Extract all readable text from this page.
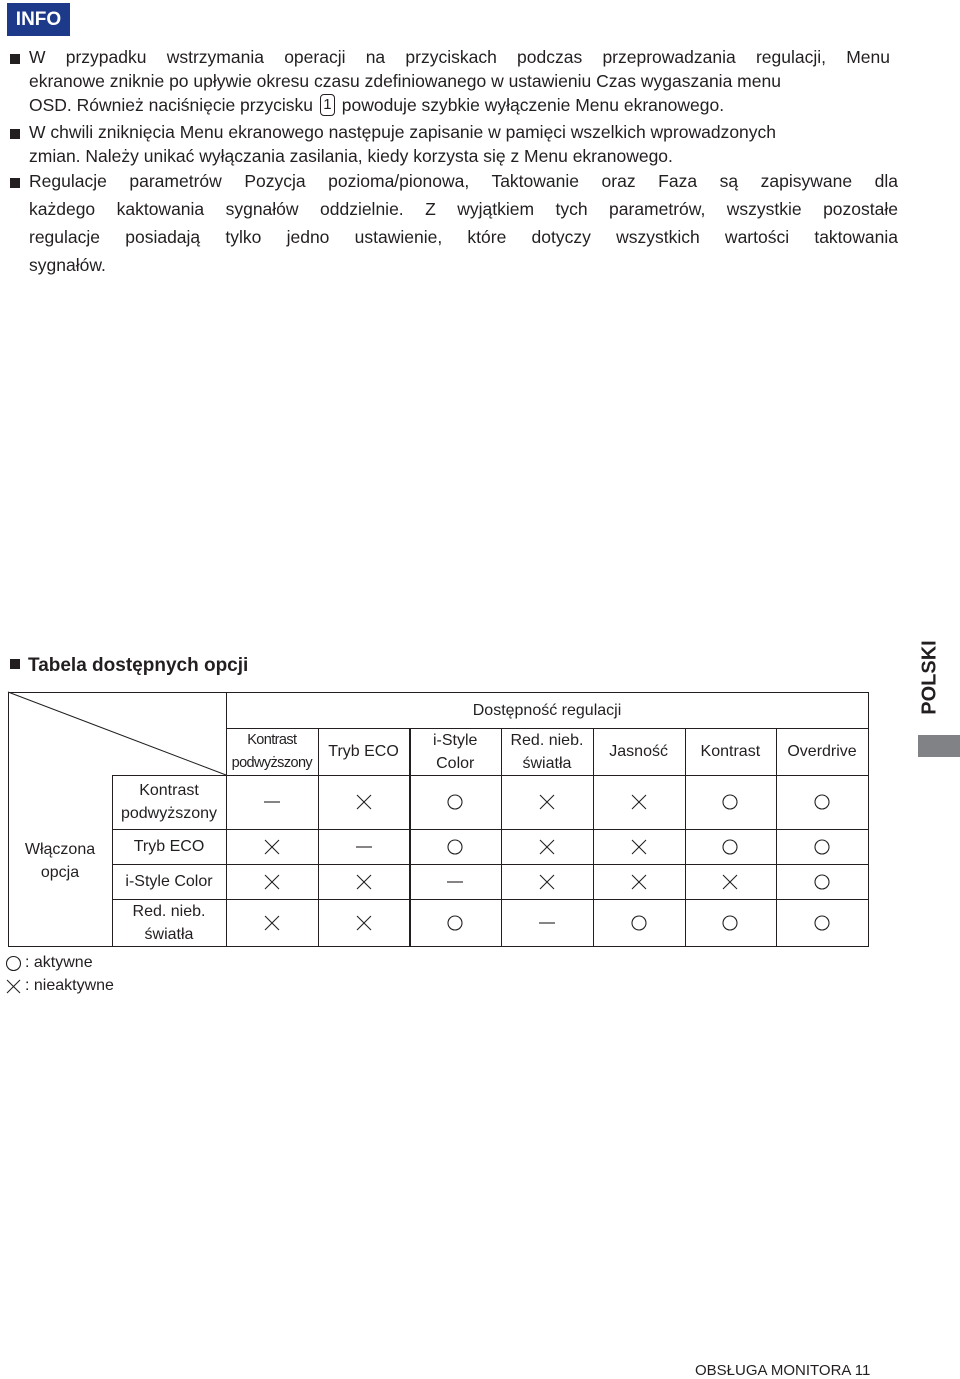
INFO
W przypadku wstrzymania operacji na przyciskach podczas przeprowadzania regulacji, Menu
ekranowe zniknie po upływie okresu czasu zdefiniowanego w ustawieniu Czas wygaszania menu
OSD. Również naciśnięcie przycisku 1 powoduje szybkie wyłączenie Menu ekranowego.
W chwili zniknięcia Menu ekranowego następuje zapisanie w pamięci wszelkich wprowadzonych
zmian. Należy unikać wyłączania zasilania, kiedy korzysta się z Menu ekranowego.
Regulacje parametrów Pozycja pozioma/pionowa, Taktowanie oraz Faza są zapisywane dla
każdego kaktowania sygnałów oddzielnie. Z wyjątkiem tych parametrów, wszystkie pozostałe
regulacje posiadają tylko jedno ustawienie, które dotyczy wszystkich wartości taktowania
sygnałów.
Tabela dostępnych opcji	POLSKI
Dostępność regulacji
Kontrast
podwyższony
Tryb ECO
i-Style
Color
Red. nieb.
światła
Jasność Kontrast Overdrive
Włączona
opcja
Kontrast
podwyższony
Tryb ECO
i-Style Color
Red. nieb.
światła
: aktywne
: nieaktywne
OBSŁUGA MONITORA 11
